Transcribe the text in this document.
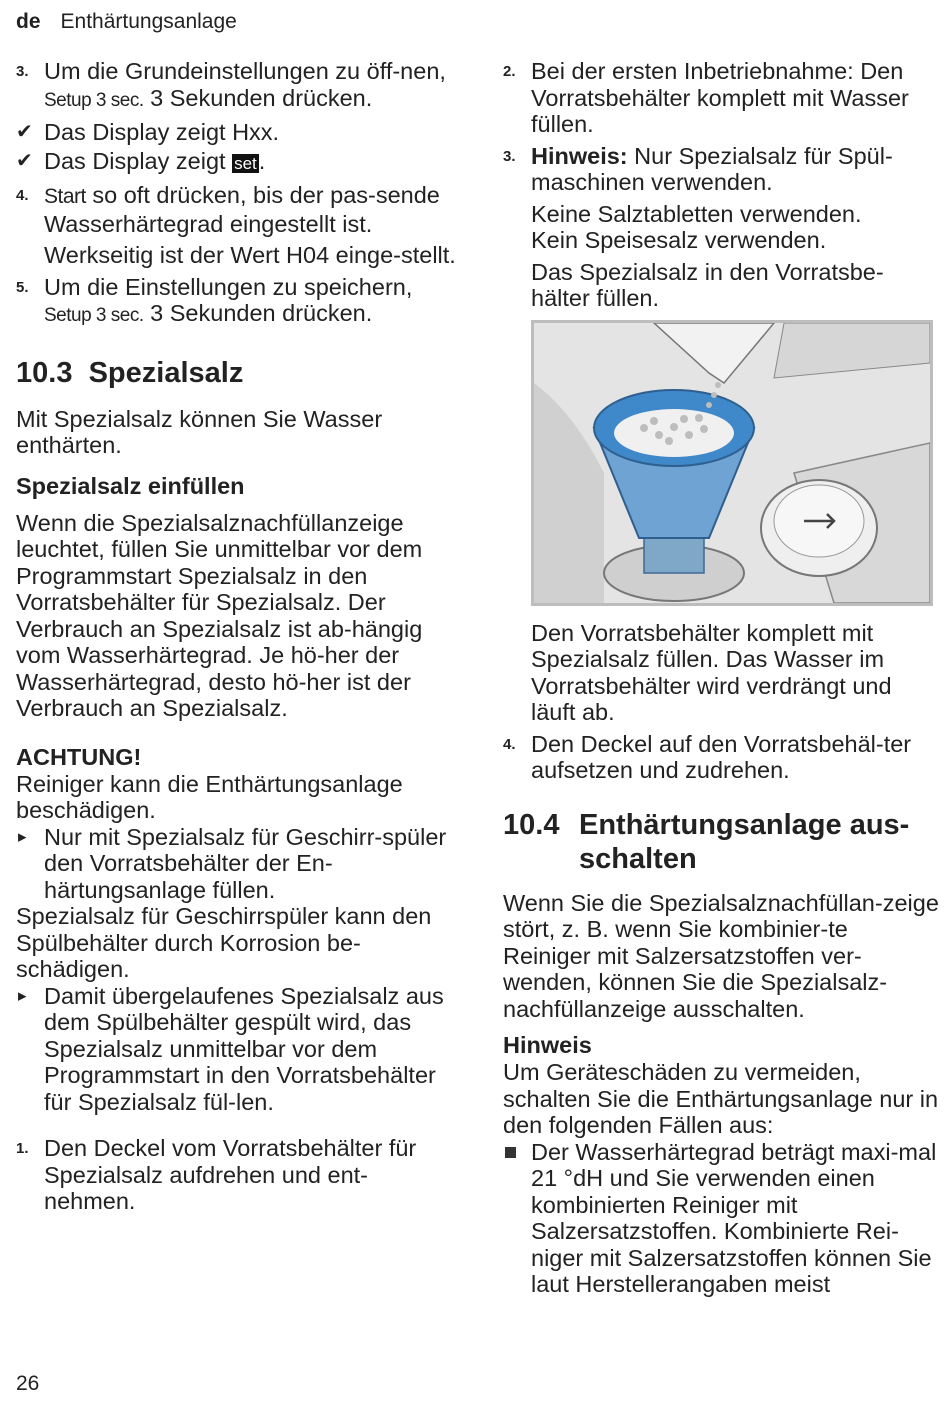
de Enthärtungsanlage
3. Um die Grundeinstellungen zu öff-nen, Setup 3 sec. 3 Sekunden drücken.
✔ Das Display zeigt Hxx.
✔ Das Display zeigt set.
4. Start so oft drücken, bis der pas-sende Wasserhärtegrad eingestellt ist.
Werkseitig ist der Wert H04 einge-stellt.
5. Um die Einstellungen zu speichern, Setup 3 sec. 3 Sekunden drücken.
10.3 Spezialsalz

Mit Spezialsalz können Sie Wasser enthärten.

Spezialsalz einfüllen

Wenn die Spezialsalznachfüllanzeige leuchtet, füllen Sie unmittelbar vor dem Programmstart Spezialsalz in den Vorratsbehälter für Spezialsalz. Der Verbrauch an Spezialsalz ist ab-hängig vom Wasserhärtegrad. Je hö-her der Wasserhärtegrad, desto hö-her ist der Verbrauch an Spezialsalz.

ACHTUNG!

Reiniger kann die Enthärtungsanlage beschädigen.

▸ Nur mit Spezialsalz für Geschirr-spüler den Vorratsbehälter der En-härtungsanlage füllen.

Spezialsalz für Geschirrspüler kann den Spülbehälter durch Korrosion be-schädigen.

▸ Damit übergelaufenes Spezialsalz aus dem Spülbehälter gespült wird, das Spezialsalz unmittelbar vor dem Programmstart in den Vorratsbehälter für Spezialsalz fül-len.
1. Den Deckel vom Vorratsbehälter für Spezialsalz aufdrehen und ent-nehmen.
2. Bei der ersten Inbetriebnahme: Den Vorratsbehälter komplett mit Wasser füllen.
3. Hinweis: Nur Spezialsalz für Spül-maschinen verwenden.
Keine Salztabletten verwenden.
Kein Speisesalz verwenden.
Das Spezialsalz in den Vorratsbe-hälter füllen.

Den Vorratsbehälter komplett mit Spezialsalz füllen. Das Wasser im Vorratsbehälter wird verdrängt und läuft ab.

4. Den Deckel auf den Vorratsbehäl-ter aufsetzen und zudrehen.
10.4 Enthärtungsanlage aus-
schalten

Wenn Sie die Spezialsalznachfüllan-zeige stört, z. B. wenn Sie kombinier-te Reiniger mit Salzersatzstoffen ver-wenden, können Sie die Spezialsalz-nachfüllanzeige ausschalten.

Hinweis

Um Geräteschäden zu vermeiden, schalten Sie die Enthärtungsanlage nur in den folgenden Fällen aus:

Der Wasserhärtegrad beträgt maxi-mal 21 °dH und Sie verwenden einen kombinierten Reiniger mit Salzersatzstoffen. Kombinierte Rei-niger mit Salzersatzstoffen können Sie laut Herstellerangaben meist
26
